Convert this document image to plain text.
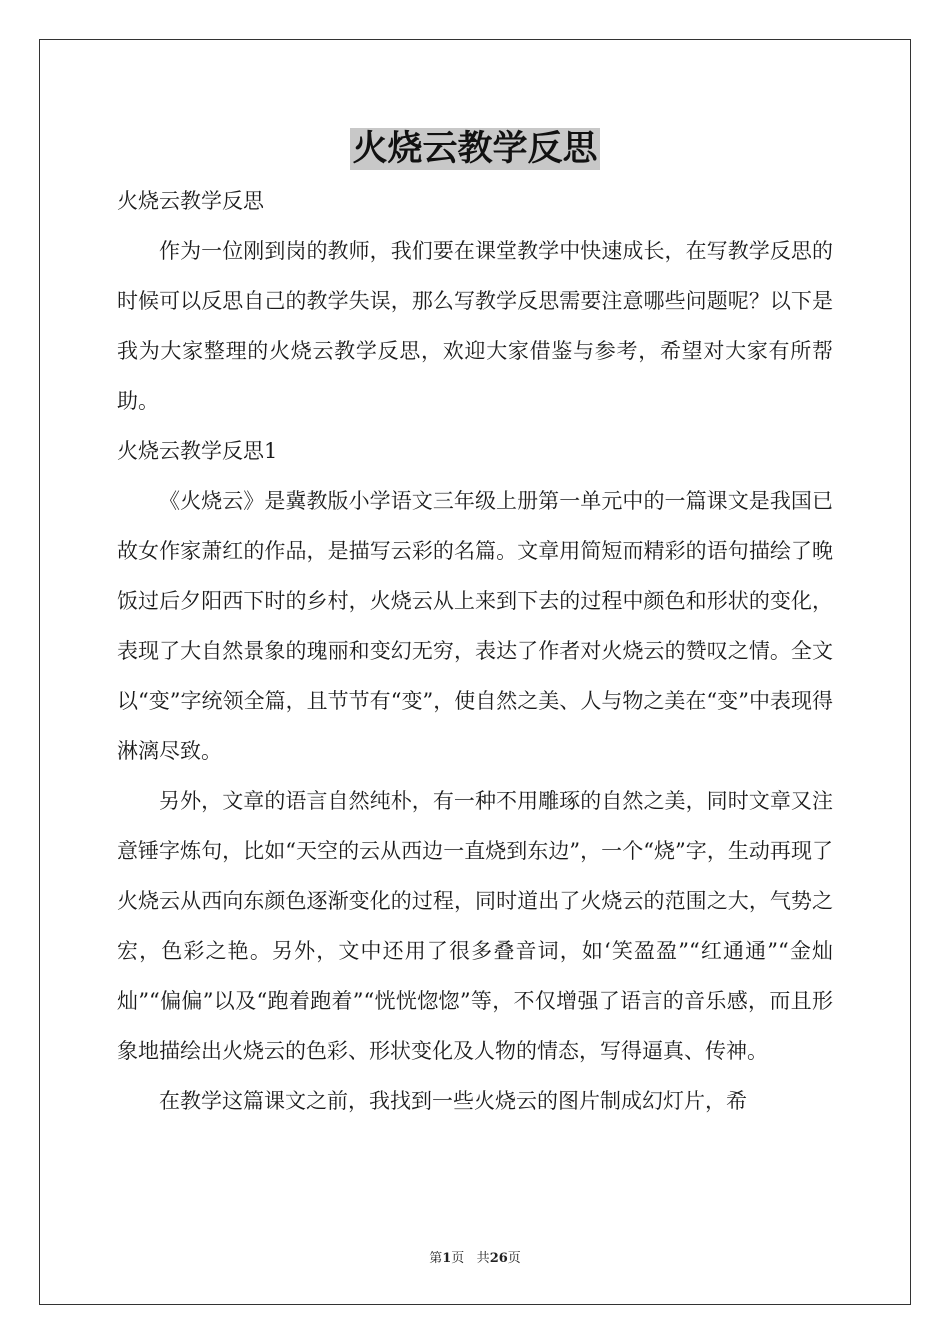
火烧云教学反思

火烧云教学反思

作为一位刚到岗的教师，我们要在课堂教学中快速成长，在写教学反思的时候可以反思自己的教学失误，那么写教学反思需要注意哪些问题呢？以下是我为大家整理的火烧云教学反思，欢迎大家借鉴与参考，希望对大家有所帮助。

火烧云教学反思1

《火烧云》是冀教版小学语文三年级上册第一单元中的一篇课文是我国已故女作家萧红的作品，是描写云彩的名篇。文章用简短而精彩的语句描绘了晚饭过后夕阳西下时的乡村，火烧云从上来到下去的过程中颜色和形状的变化，表现了大自然景象的瑰丽和变幻无穷，表达了作者对火烧云的赞叹之情。全文以“变”字统领全篇，且节节有“变”，使自然之美、人与物之美在“变”中表现得淋漓尽致。

另外，文章的语言自然纯朴，有一种不用雕琢的自然之美，同时文章又注意锤字炼句，比如“天空的云从西边一直烧到东边”，一个“烧”字，生动再现了火烧云从西向东颜色逐渐变化的过程，同时道出了火烧云的范围之大，气势之宏，色彩之艳。另外，文中还用了很多叠音词，如‘笑盈盈”“红通通”“金灿灿”“偏偏”以及“跑着跑着”“恍恍惚惚”等，不仅增强了语言的音乐感，而且形象地描绘出火烧云的色彩、形状变化及人物的情态，写得逼真、传神。

在教学这篇课文之前，我找到一些火烧云的图片制成幻灯片，希

第1页 共26页
